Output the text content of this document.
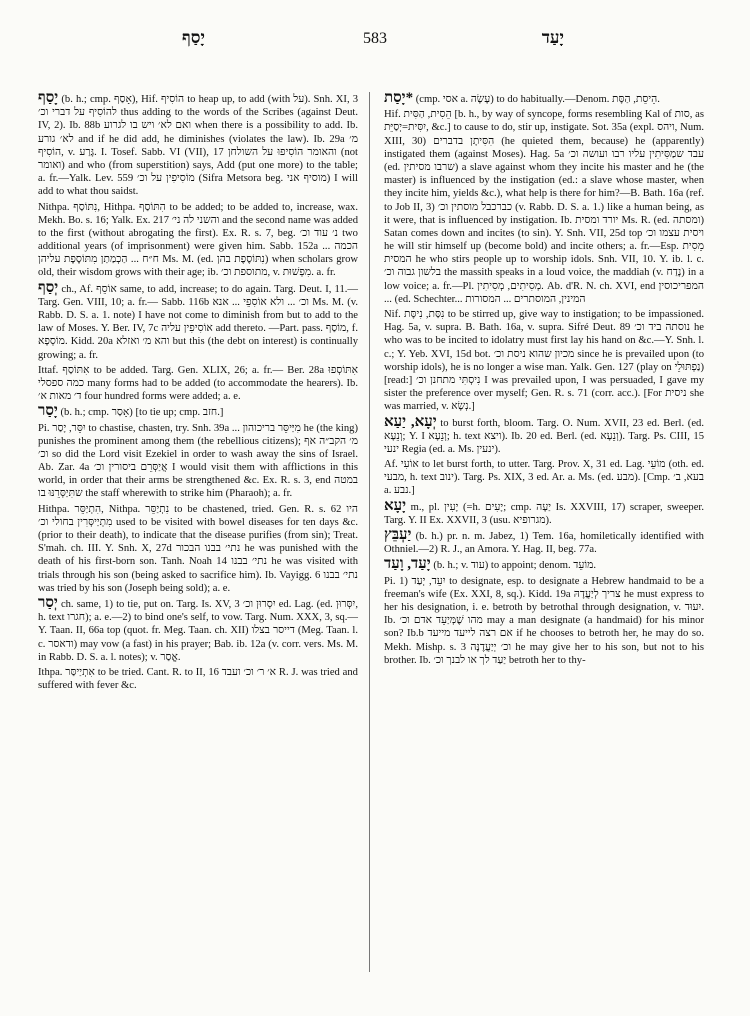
יָסַף	583	יָעַד

יָסַף (b. h.; cmp. אָסַף), Hif. הוֹסִיף to heap up, to add (with על). Snh. XI, 3 להוֹסִיף על דברי וכ׳ thus adding to the words of the Scribes (against Deut. IV, 2). Ib. 88b ואם לא׳ ויש בו לגרוע when there is a possibility to add. Ib. לא׳ גורע and if he did add, he diminishes (violates the law). Ib. 29a מ׳ הוֹסִיף, v. גָּרַע. I. Tosef. Sabb. VI (VII), 17 והאומר הוֹסִיפוּ על השולחן (not ואומר) and who (from superstition) says, Add (put one more) to the table; a. fr.—Yalk. Lev. 559 מוֹסִיפִין על וכ׳ (Sifra Metsora beg. מוסיף אני) I will add to what thou saidst.

Nithpa. נִתּוֹסַף, Hithpa. הִתּוֹסַף to be added; to be added to, increase, wax. Mekh. Bo. s. 16; Yalk. Ex. 217 והשני לה ני׳ and the second name was added to the first (without abrogating the first). Ex. R. s. 7, beg. נ׳ עוד וכ׳ two additional years (of imprisonment) were given him. Sabb. 152a הכמה ... ח״ח ... הַכְמַתַן מִתּוֹסֶפֶת עליהן Ms. M. (ed. נִתּוֹסֶפֶת בהן) when scholars grow old, their wisdom grows with their age; ib. מתוספת וכ׳, v. מִפְשׁוּת. a. fr.

יְסַף ch., Af. אוֹסֵף same, to add, increase; to do again. Targ. Deut. I, 11.—Targ. Gen. VIII, 10; a. fr.— Sabb. 116b וכ׳ ... ולא אוֹסִפֵי ... אנא Ms. M. (v. Rabb. D. S. a. 1. note) I have not come to diminish from but to add to the law of Moses. Y. Ber. IV, 7c אוֹסִיפִין עליה add thereto. —Part. pass. מוֹסַף, f. מוֹסְפָא. Kidd. 20a והא מ׳ ואזלא but this (the debt on interest) is continually growing; a. fr.

Ittaf. אִתּוֹסַף to be added. Targ. Gen. XLIX, 26; a. fr.— Ber. 28a אִתּוֹסְפוּ כמה ספסלי many forms had to be added (to accommodate the hearers). Ib. ד׳ מאות א׳ four hundred forms were added; a. e.

יָסַר (b. h.; cmp. אָסַר) [to tie up; cmp. חזב.]

Pi. יִסֵּר, יָסַר to chastise, chasten, try. Snh. 39a ... מִיַּיסֵּר בריכוהון he (the king) punishes the prominent among them (the rebellious citizens); מ׳ הקב״ה אף וכ׳ so did the Lord visit Ezekiel in order to wash away the sins of Israel. Ab. Zar. 4a אֲיַסְּרֵם ביסורין וכ׳ I would visit them with afflictions in this world, in order that their arms be strengthened &c. Ex. R. s. 3, end במטה שתִּיַסְּרֵנּוּ בו the staff wherewith to strike him (Pharaoh); a. fr.

Hithpa. הִתְיַסֵּר, Nithpa. נִתְיַסֵּר to be chastened, tried. Gen. R. s. 62 היו מִתְיַיסְּרִין בחולי וכ׳ used to be visited with bowel diseases for ten days &c. (prior to their death), to indicate that the disease purifies (from sin); Treat. S'mah. ch. III. Y. Snh. X, 27d נתי׳ בבנו הבכור he was punished with the death of his first-born son. Tanh. Noah 14 נתי׳ בבנו he was visited with trials through his son (being asked to sacrifice him). Ib. Vayigg. 6 נתי׳ בבנו was tried by his son (Joseph being sold); a. e.

יְסַר ch. same, 1) to tie, put on. Targ. Is. XV, 3 יִסְרוּן וכ׳ ed. Lag. (ed. יִסְּרוּן, h. text חגרו); a. e.—2) to bind one's self, to vow. Targ. Num. XXX, 3, sq.—Y. Taan. II, 66a top (quot. fr. Meg. Taan. ch. XII) דייסר בצלו (Meg. Taan. l. c. ודאסר) may vow (a fast) in his prayer; Bab. ib. 12a (v. corr. vers. Ms. M. in Rabb. D. S. a. l. notes); v. אֱסַר.

Ithpa. אִתְיַיסַּר to be tried. Cant. R. to II, 16 א׳ ר׳ וכ׳ ועבד R. J. was tried and suffered with fever &c.

*יָסַת (cmp. אסי a. עָשָׂה) to do habitually.—Denom. הֵיסֵת, הַסָּת.

Hif. הֵסִית, הַסִּית [b. h., by way of syncope, forms resembling Kal of סות, as יִסִּית=יְסַיֵּת, &c.] to cause to do, stir up, instigate. Sot. 35a (expl. ויהס, Num. XIII, 30) הִסִּיתָן בדברים (he quieted them, because) he (apparently) instigated them (against Moses). Hag. 5a עבד שמַסִּיתִין עליו רבו ועושה וכ׳ (ed. שרבו מסיתין) a slave against whom they incite his master and he (the master) is influenced by the instigation (ed.: a slave whose master, when they incite him, yields &c.), what help is there for him?—B. Bath. 16a (ref. to Job II, 3) כברכבל מוסתין וכ׳ (v. Rabb. D. S. a. 1.) like a human being, as it were, that is influenced by instigation. Ib. יורד ומסית Ms. R. (ed. ומסתה) Satan comes down and incites (to sin). Y. Snh. VII, 25d top ויסית עצמו וכ׳ he will stir himself up (become bold) and incite others; a. fr.—Esp. מֵסִית המסית he who stirs people up to worship idols. Snh. VII, 10. Y. ib. l. c. בלשון גבוה וכ׳ the massith speaks in a loud voice, the maddiah (v. נָדַח) in a low voice; a. fr.—Pl. מְסִיתִים, מְסִיתִין. Ab. d'R. N. ch. XVI, end המפריכוסין ... (ed. Schechter... המינין, המוסתרים ... המסורות

Nif. נִסַּת, נִיסָּת to be stirred up, give way to instigation; to be impassioned. Hag. 5a, v. supra. B. Bath. 16a, v. supra. Sifré Deut. 89 נוסתה ביד וכ׳ he who was to be incited to idolatry must first lay his hand on &c.—Y. Snh. l. c.; Y. Yeb. XVI, 15d bot. מכיון שהוא ניסת וכ׳ since he is prevailed upon (to worship idols), he is no longer a wise man. Yalk. Gen. 127 (play on נַפְתּוּלֵי) [read:] נִיסְתִּי מתחנן וכ׳ I was prevailed upon, I was persuaded, I gave my sister the preference over myself; Gen. R. s. 71 (corr. acc.). [For ניסית she was married, v. נְשָׂא.]

יְעָא, יַעַא to burst forth, bloom. Targ. O. Num. XVII, 23 ed. Berl. (ed. וְנֵעָא; Y. I וְנֵעָא; h. text ויצא). Ib. 20 ed. Berl. (ed. וְנֵעָא). Targ. Ps. CIII, 15 ינעי Regia (ed. a. Ms. ינעין).

Af. אוֹעִי to let burst forth, to utter. Targ. Prov. X, 31 ed. Lag. מוֹעֵי (oth. ed. מבעי, h. text ינוב). Targ. Ps. XIX, 3 ed. Ar. a. Ms. (ed. מבע). [Cmp. בעא, ב׳ a. נבע.]

יָעָא m., pl. יָעִין (=h. יָעִים; cmp. יַעָה Is. XXVIII, 17) scraper, sweeper. Targ. Y. II Ex. XXVII, 3 (usu. מגרופיא).

יַעְבֵּץ (b. h.) pr. n. m. Jabez, 1) Tem. 16a, homiletically identified with Othniel.—2) R. J., an Amora. Y. Hag. II, beg. 77a.

יָעַד, וָעַד (b. h.; v. עוד) to appoint; denom. מוֹעֵד.

Pi. 1) יִעֵד, יְעַד to designate, esp. to designate a Hebrew handmaid to be a freeman's wife (Ex. XXI, 8, sq.). Kidd. 19a צריך לְיַעֲדָהּ he must express to her his designation, i. e. betroth by betrothal through designation, v. יִעוּד. Ib. מהו שֶׁמְּיַעֵד אדם וכ׳ may a man designate (a handmaid) for his minor son? Ib.b אם רצה לייעד מייעד if he chooses to betroth her, he may do so. Mekh. Mishp. s. 3 וכ׳ יְיַעֲדֶנָּה he may give her to his son, but not to his brother. Ib. יַעַד לך או לבנך וכ׳ betroth her to thy-
